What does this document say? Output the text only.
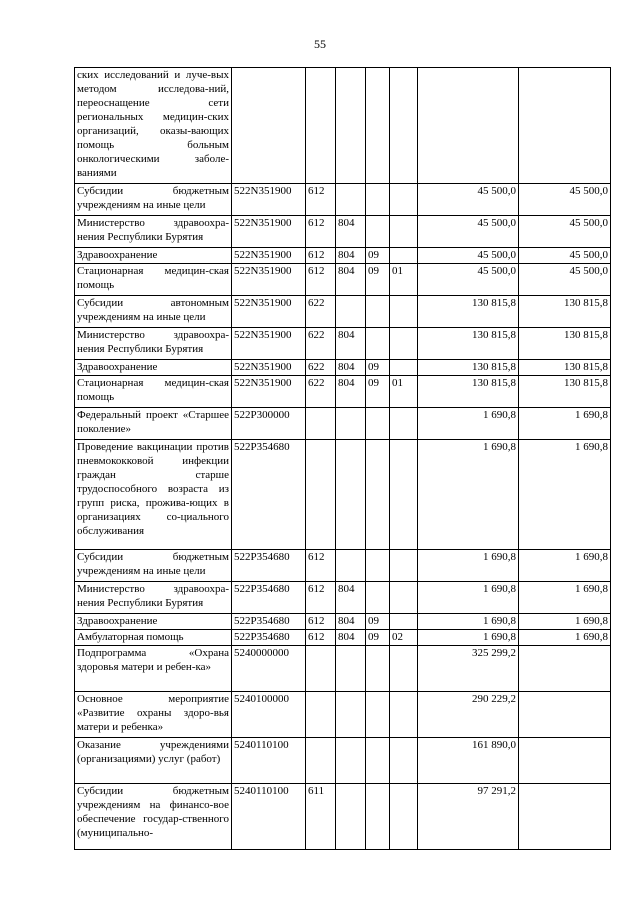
55
ских исследований и луче-вых методом исследова-ний, переоснащение сети региональных медицин-ских организаций, оказы-вающих помощь больным онкологическими заболе-ваниями							
Субсидии бюджетным учреждениям на иные цели	522N351900	612				45 500,0	45 500,0
Министерство здравоохра-нения Республики Бурятия	522N351900	612	804			45 500,0	45 500,0
Здравоохранение	522N351900	612	804	09		45 500,0	45 500,0
Стационарная медицин-ская помощь	522N351900	612	804	09	01	45 500,0	45 500,0
Субсидии автономным учреждениям на иные цели	522N351900	622				130 815,8	130 815,8
Министерство здравоохра-нения Республики Бурятия	522N351900	622	804			130 815,8	130 815,8
Здравоохранение	522N351900	622	804	09		130 815,8	130 815,8
Стационарная медицин-ская помощь	522N351900	622	804	09	01	130 815,8	130 815,8
Федеральный проект «Старшее поколение»	522P300000					1 690,8	1 690,8
Проведение вакцинации против пневмококковой инфекции граждан старше трудоспособного возраста из групп риска, прожива-ющих в организациях со-циального обслуживания	522P354680					1 690,8	1 690,8
Субсидии бюджетным учреждениям на иные цели	522P354680	612				1 690,8	1 690,8
Министерство здравоохра-нения Республики Бурятия	522P354680	612	804			1 690,8	1 690,8
Здравоохранение	522P354680	612	804	09		1 690,8	1 690,8
Амбулаторная помощь	522P354680	612	804	09	02	1 690,8	1 690,8
Подпрограмма «Охрана здоровья матери и ребен-ка»	5240000000					325 299,2	
Основное мероприятие «Развитие охраны здоро-вья матери и ребенка»	5240100000					290 229,2	
Оказание учреждениями (организациями) услуг (работ)	5240110100					161 890,0	
Субсидии бюджетным учреждениям на финансо-вое обеспечение государ-ственного (муниципально-	5240110100	611				97 291,2	
